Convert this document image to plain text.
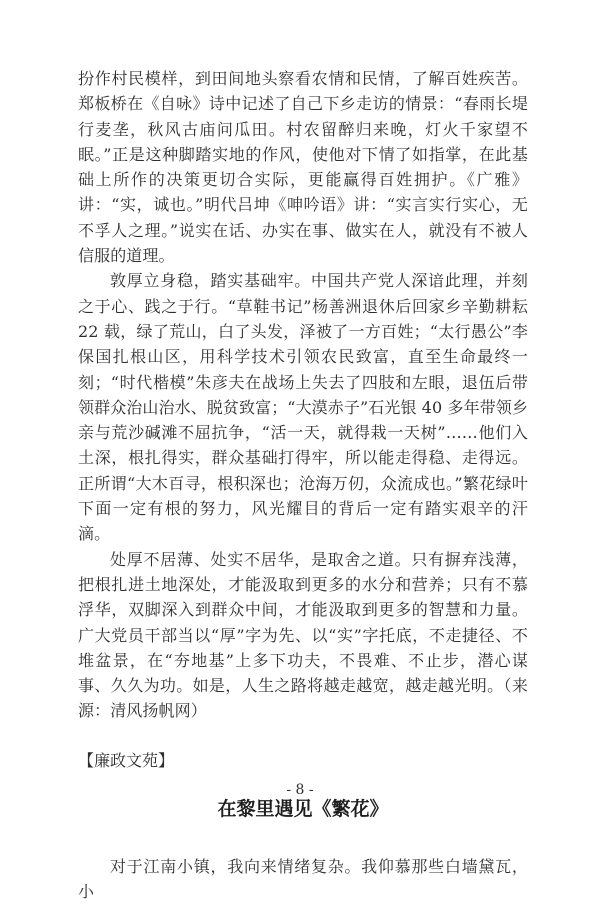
扮作村民模样，到田间地头察看农情和民情，了解百姓疾苦。郑板桥在《自咏》诗中记述了自己下乡走访的情景：“春雨长堤行麦垄，秋风古庙问瓜田。村农留醉归来晚，灯火千家望不眠。”正是这种脚踏实地的作风，使他对下情了如指掌，在此基础上所作的决策更切合实际，更能赢得百姓拥护。《广雅》讲：“实，诚也。”明代吕坤《呻吟语》讲：“实言实行实心，无不孚人之理。”说实在话、办实在事、做实在人，就没有不被人信服的道理。

敦厚立身稳，踏实基础牢。中国共产党人深谙此理，并刻之于心、践之于行。“草鞋书记”杨善洲退休后回家乡辛勤耕耘 22 载，绿了荒山，白了头发，泽被了一方百姓；“太行愚公”李保国扎根山区，用科学技术引领农民致富，直至生命最终一刻；“时代楷模”朱彦夫在战场上失去了四肢和左眼，退伍后带领群众治山治水、脱贫致富；“大漠赤子”石光银 40 多年带领乡亲与荒沙碱滩不屈抗争，“活一天，就得栽一天树”……他们入土深，根扎得实，群众基础打得牢，所以能走得稳、走得远。正所谓“大木百寻，根积深也；沧海万仞，众流成也。”繁花绿叶下面一定有根的努力，风光耀目的背后一定有踏实艰辛的汗滴。

处厚不居薄、处实不居华，是取舍之道。只有摒弃浅薄，把根扎进土地深处，才能汲取到更多的水分和营养；只有不慕浮华，双脚深入到群众中间，才能汲取到更多的智慧和力量。广大党员干部当以“厚”字为先、以“实”字托底，不走捷径、不堆盆景，在“夯地基”上多下功夫，不畏难、不止步，潜心谋事、久久为功。如是，人生之路将越走越宽，越走越光明。（来源：清风扬帆网）

【廉政文苑】

在黎里遇见《繁花》

对于江南小镇，我向来情绪复杂。我仰慕那些白墙黛瓦，小

- 8 -
